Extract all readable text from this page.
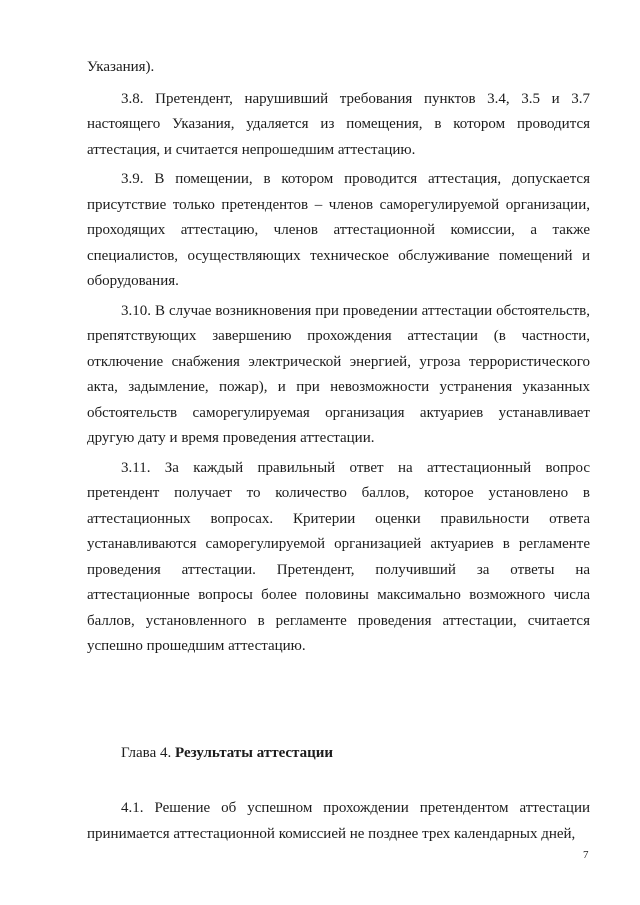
Указания).

3.8. Претендент, нарушивший требования пунктов 3.4, 3.5 и 3.7 настоящего Указания, удаляется из помещения, в котором проводится аттестация, и считается непрошедшим аттестацию.

3.9. В помещении, в котором проводится аттестация, допускается присутствие только претендентов – членов саморегулируемой организации, проходящих аттестацию, членов аттестационной комиссии, а также специалистов, осуществляющих техническое обслуживание помещений и оборудования.

3.10. В случае возникновения при проведении аттестации обстоятельств, препятствующих завершению прохождения аттестации (в частности, отключение снабжения электрической энергией, угроза террористического акта, задымление, пожар), и при невозможности устранения указанных обстоятельств саморегулируемая организация актуариев устанавливает другую дату и время проведения аттестации.

3.11. За каждый правильный ответ на аттестационный вопрос претендент получает то количество баллов, которое установлено в аттестационных вопросах. Критерии оценки правильности ответа устанавливаются саморегулируемой организацией актуариев в регламенте проведения аттестации. Претендент, получивший за ответы на аттестационные вопросы более половины максимально возможного числа баллов, установленного в регламенте проведения аттестации, считается успешно прошедшим аттестацию.

Глава 4. Результаты аттестации

4.1. Решение об успешном прохождении претендентом аттестации принимается аттестационной комиссией не позднее трех календарных дней,

7
